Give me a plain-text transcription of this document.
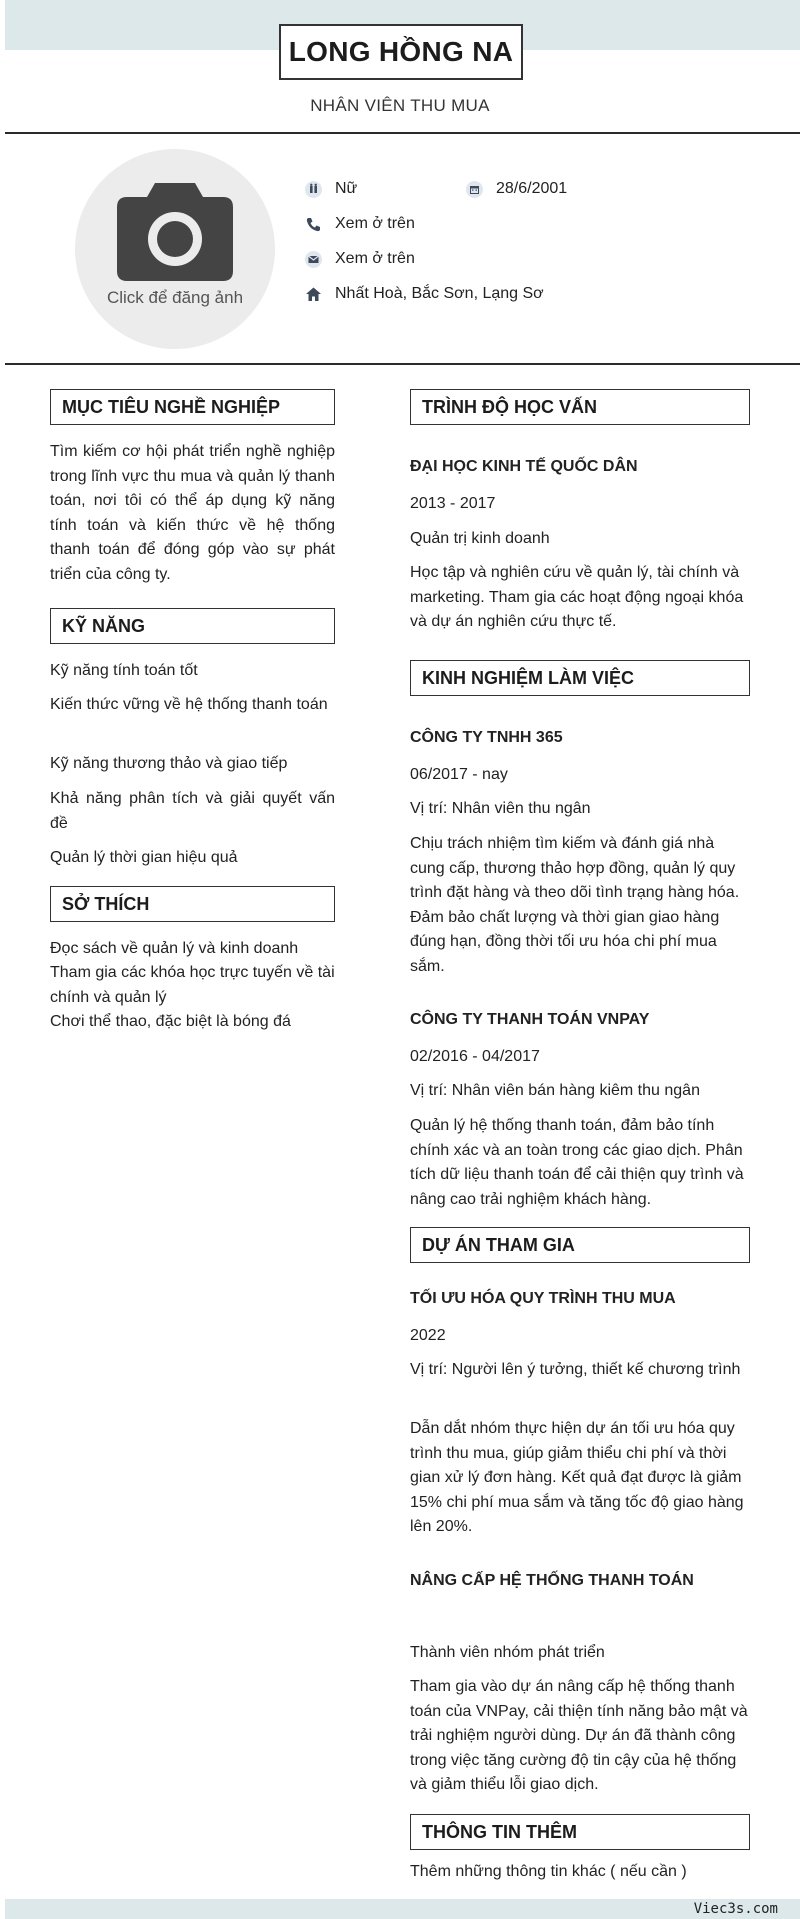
LONG HỒNG NA
NHÂN VIÊN THU MUA
Click để đăng ảnh
Nữ	28/6/2001
Xem ở trên
Xem ở trên
Nhất Hoà, Bắc Sơn, Lạng Sơ
MỤC TIÊU NGHỀ NGHIỆP
Tìm kiếm cơ hội phát triển nghề nghiệp trong lĩnh vực thu mua và quản lý thanh toán, nơi tôi có thể áp dụng kỹ năng tính toán và kiến thức về hệ thống thanh toán để đóng góp vào sự phát triển của công ty.
KỸ NĂNG
Kỹ năng tính toán tốt
Kiến thức vững về hệ thống thanh toán
Kỹ năng thương thảo và giao tiếp
Khả năng phân tích và giải quyết vấn đề
Quản lý thời gian hiệu quả
SỞ THÍCH
Đọc sách về quản lý và kinh doanh
Tham gia các khóa học trực tuyến về tài chính và quản lý
Chơi thể thao, đặc biệt là bóng đá
TRÌNH ĐỘ HỌC VẤN
ĐẠI HỌC KINH TẾ QUỐC DÂN
2013 - 2017
Quản trị kinh doanh
Học tập và nghiên cứu về quản lý, tài chính và marketing. Tham gia các hoạt động ngoại khóa và dự án nghiên cứu thực tế.
KINH NGHIỆM LÀM VIỆC
CÔNG TY TNHH 365
06/2017 - nay
Vị trí: Nhân viên thu ngân
Chịu trách nhiệm tìm kiếm và đánh giá nhà cung cấp, thương thảo hợp đồng, quản lý quy trình đặt hàng và theo dõi tình trạng hàng hóa. Đảm bảo chất lượng và thời gian giao hàng đúng hạn, đồng thời tối ưu hóa chi phí mua sắm.
CÔNG TY THANH TOÁN VNPAY
02/2016 - 04/2017
Vị trí: Nhân viên bán hàng kiêm thu ngân
Quản lý hệ thống thanh toán, đảm bảo tính chính xác và an toàn trong các giao dịch. Phân tích dữ liệu thanh toán để cải thiện quy trình và nâng cao trải nghiệm khách hàng.
DỰ ÁN THAM GIA
TỐI ƯU HÓA QUY TRÌNH THU MUA
2022
Vị trí: Người lên ý tưởng, thiết kế chương trình
Dẫn dắt nhóm thực hiện dự án tối ưu hóa quy trình thu mua, giúp giảm thiểu chi phí và thời gian xử lý đơn hàng. Kết quả đạt được là giảm 15% chi phí mua sắm và tăng tốc độ giao hàng lên 20%.
NÂNG CẤP HỆ THỐNG THANH TOÁN
Thành viên nhóm phát triển
Tham gia vào dự án nâng cấp hệ thống thanh toán của VNPay, cải thiện tính năng bảo mật và trải nghiệm người dùng. Dự án đã thành công trong việc tăng cường độ tin cậy của hệ thống và giảm thiểu lỗi giao dịch.
THÔNG TIN THÊM
Thêm những thông tin khác ( nếu cần )
Viec3s.com
